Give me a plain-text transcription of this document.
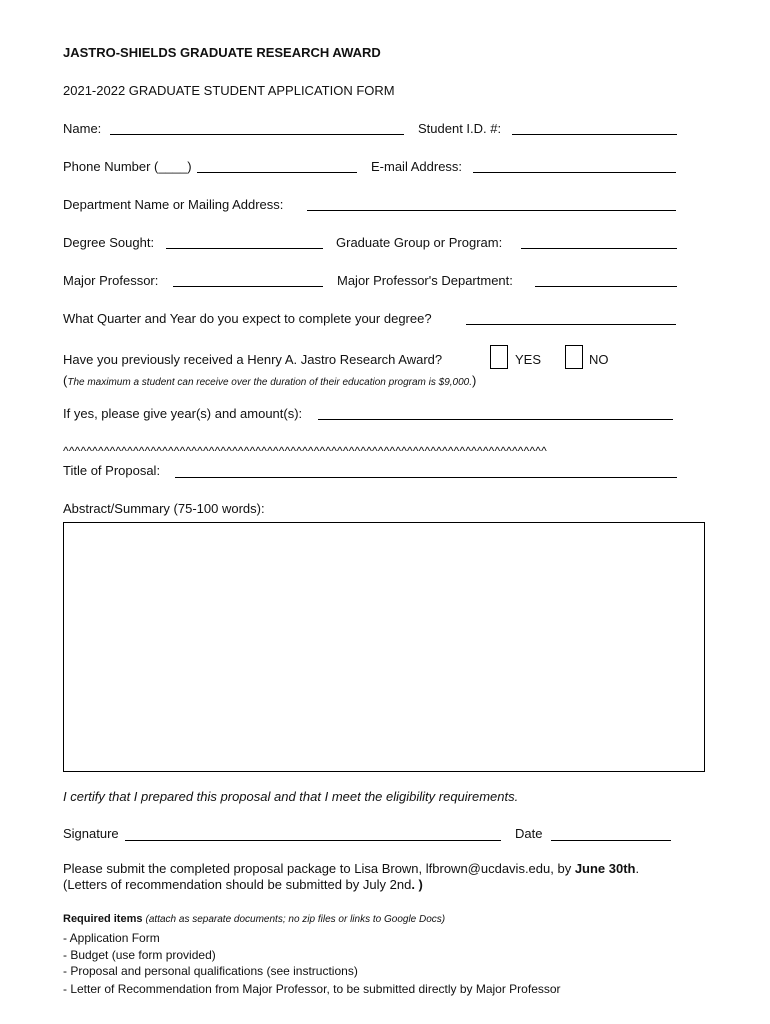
JASTRO-SHIELDS GRADUATE RESEARCH AWARD
2021-2022 GRADUATE STUDENT APPLICATION FORM
Name:	Student I.D. #:
Phone Number (____)	E-mail Address:
Department Name or Mailing Address:
Degree Sought:	Graduate Group or Program:
Major Professor:	Major Professor's Department:
What Quarter and Year do you expect to complete your degree?
Have you previously received a Henry A. Jastro Research Award?	YES	NO
(The maximum a student can receive over the duration of their education program is $9,000.)
If yes, please give year(s) and amount(s):
^^^^^^^^^^^^^^^^^^^^^^^^^^^^^^^^^^^^^^^^^^^^^^^^^^^^^^^^^^^^^^^^^^^^^^^^^^^^^^^^^^^
Title of Proposal:
Abstract/Summary (75-100 words):
I certify that I prepared this proposal and that I meet the eligibility requirements.
Signature	Date
Please submit the completed proposal package to Lisa Brown, lfbrown@ucdavis.edu, by June 30th.
(Letters of recommendation should be submitted by July 2nd. )
Required items (attach as separate documents; no zip files or links to Google Docs)
- Application Form
- Budget (use form provided)
- Proposal and personal qualifications (see instructions)
- Letter of Recommendation from Major Professor, to be submitted directly by Major Professor
